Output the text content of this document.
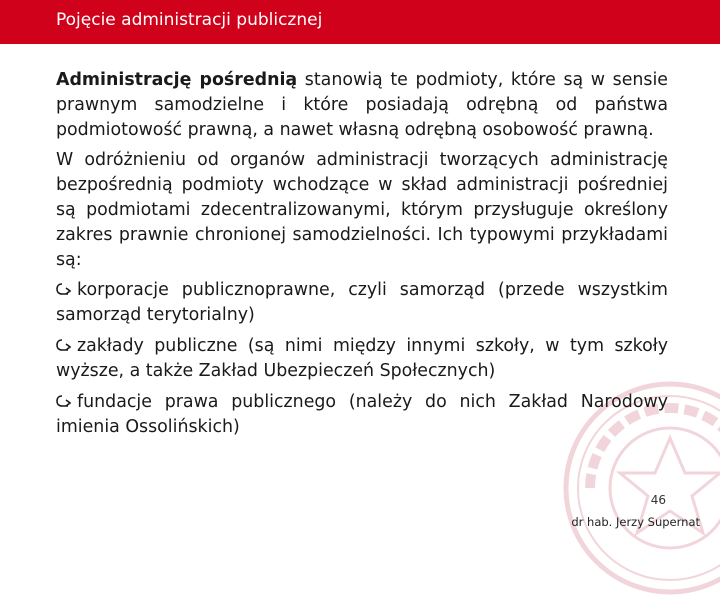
Pojęcie administracji publicznej

Administrację pośrednią stanowią te podmioty, które są w sensie prawnym samodzielne i które posiadają odrębną od państwa podmiotowość prawną, a nawet własną odrębną osobowość prawną.

W odróżnieniu od organów administracji tworzących administrację bezpośrednią podmioty wchodzące w skład administracji pośredniej są podmiotami zdecentralizowanymi, którym przysługuje określony zakres prawnie chronionej samodzielności. Ich typowymi przykładami są:

korporacje publicznoprawne, czyli samorząd (przede wszystkim samorząd terytorialny)
zakłady publiczne (są nimi między innymi szkoły, w tym szkoły wyższe, a także Zakład Ubezpieczeń Społecznych)
fundacje prawa publicznego (należy do nich Zakład Narodowy imienia Ossolińskich)
46
dr hab. Jerzy Supernat
